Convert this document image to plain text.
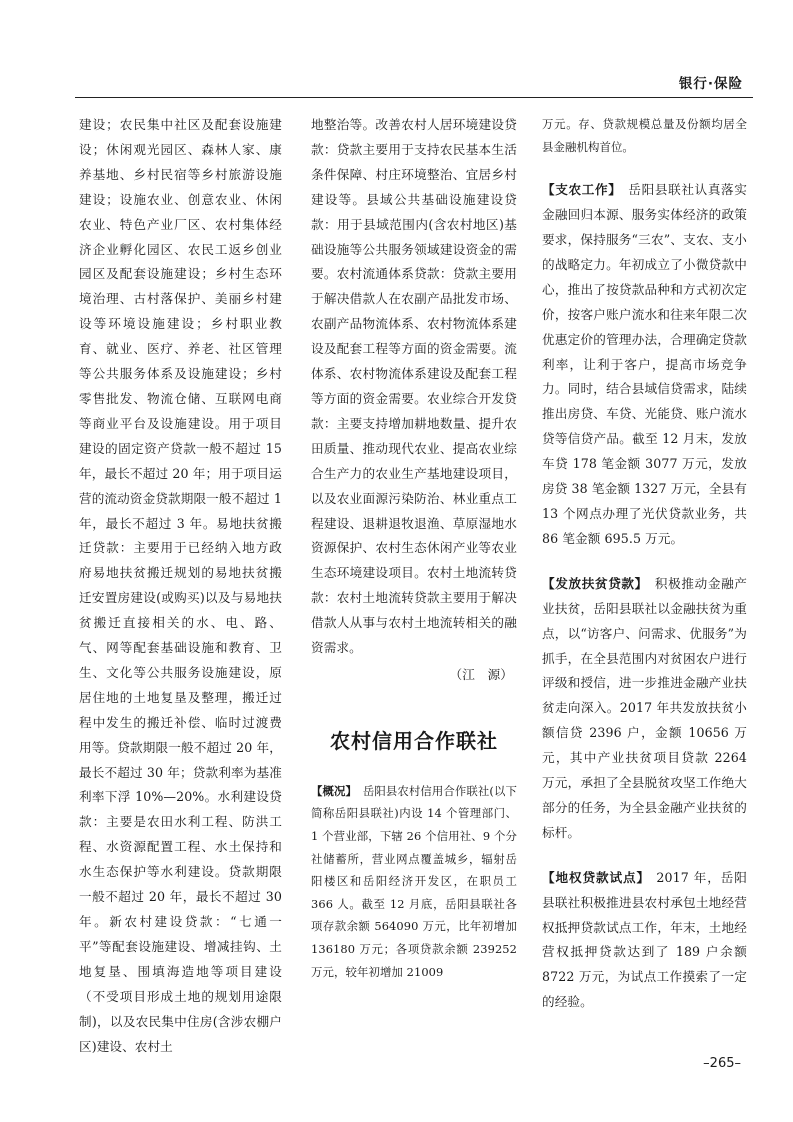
银行·保险

建设；农民集中社区及配套设施建设；休闲观光园区、森林人家、康养基地、乡村民宿等乡村旅游设施建设；设施农业、创意农业、休闲农业、特色产业厂区、农村集体经济企业孵化园区、农民工返乡创业园区及配套设施建设；乡村生态环境治理、古村落保护、美丽乡村建设等环境设施建设；乡村职业教育、就业、医疗、养老、社区管理等公共服务体系及设施建设；乡村零售批发、物流仓储、互联网电商等商业平台及设施建设。用于项目建设的固定资产贷款一般不超过 15 年，最长不超过 20 年；用于项目运营的流动资金贷款期限一般不超过 1 年，最长不超过 3 年。易地扶贫搬迁贷款：主要用于已经纳入地方政府易地扶贫搬迁规划的易地扶贫搬迁安置房建设(或购买)以及与易地扶贫搬迁直接相关的水、电、路、气、网等配套基础设施和教育、卫生、文化等公共服务设施建设，原居住地的土地复垦及整理，搬迁过程中发生的搬迁补偿、临时过渡费用等。贷款期限一般不超过 20 年，最长不超过 30 年；贷款利率为基准利率下浮 10%—20%。水利建设贷款：主要是农田水利工程、防洪工程、水资源配置工程、水土保持和水生态保护等水利建设。贷款期限一般不超过 20 年，最长不超过 30 年。新农村建设贷款：“七通一平”等配套设施建设、增减挂钩、土地复垦、围填海造地等项目建设（不受项目形成土地的规划用途限制)，以及农民集中住房(含涉农棚户区)建设、农村土

地整治等。改善农村人居环境建设贷款：贷款主要用于支持农民基本生活条件保障、村庄环境整治、宜居乡村建设等。县域公共基础设施建设贷款：用于县域范围内(含农村地区)基础设施等公共服务领域建设资金的需要。农村流通体系贷款：贷款主要用于解决借款人在农副产品批发市场、农副产品物流体系、农村物流体系建设及配套工程等方面的资金需要。流体系、农村物流体系建设及配套工程等方面的资金需要。农业综合开发贷款：主要支持增加耕地数量、提升农田质量、推动现代农业、提高农业综合生产力的农业生产基地建设项目，以及农业面源污染防治、林业重点工程建设、退耕退牧退渔、草原湿地水资源保护、农村生态休闲产业等农业生态环境建设项目。农村土地流转贷款：农村土地流转贷款主要用于解决借款人从事与农村土地流转相关的融资需求。

（江　源）

农村信用合作联社

【概况】  岳阳县农村信用合作联社(以下简称岳阳县联社)内设 14 个管理部门、1 个营业部，下辖 26 个信用社、9 个分社储蓄所，营业网点覆盖城乡，辐射岳阳楼区和岳阳经济开发区，在职员工 366 人。截至 12 月底，岳阳县联社各项存款余额 564090 万元，比年初增加 136180 万元；各项贷款余额 239252 万元，较年初增加 21009

万元。存、贷款规模总量及份额均居全县金融机构首位。

【支农工作】  岳阳县联社认真落实金融回归本源、服务实体经济的政策要求，保持服务“三农”、支农、支小的战略定力。年初成立了小微贷款中心，推出了按贷款品种和方式初次定价，按客户账户流水和往来年限二次优惠定价的管理办法，合理确定贷款利率，让利于客户，提高市场竞争力。同时，结合县域信贷需求，陆续推出房贷、车贷、光能贷、账户流水贷等信贷产品。截至 12 月末，发放车贷 178 笔金额 3077 万元，发放房贷 38 笔金额 1327 万元，全县有 13 个网点办理了光伏贷款业务，共 86 笔金额 695.5 万元。

【发放扶贫贷款】  积极推动金融产业扶贫，岳阳县联社以金融扶贫为重点，以“访客户、问需求、优服务”为抓手，在全县范围内对贫困农户进行评级和授信，进一步推进金融产业扶贫走向深入。2017 年共发放扶贫小额信贷 2396 户，金额 10656 万元，其中产业扶贫项目贷款 2264 万元，承担了全县脱贫攻坚工作绝大部分的任务，为全县金融产业扶贫的标杆。

【地权贷款试点】  2017 年，岳阳县联社积极推进县农村承包土地经营权抵押贷款试点工作，年末，土地经营权抵押贷款达到了 189 户余额 8722 万元，为试点工作摸索了一定的经验。

–265–
